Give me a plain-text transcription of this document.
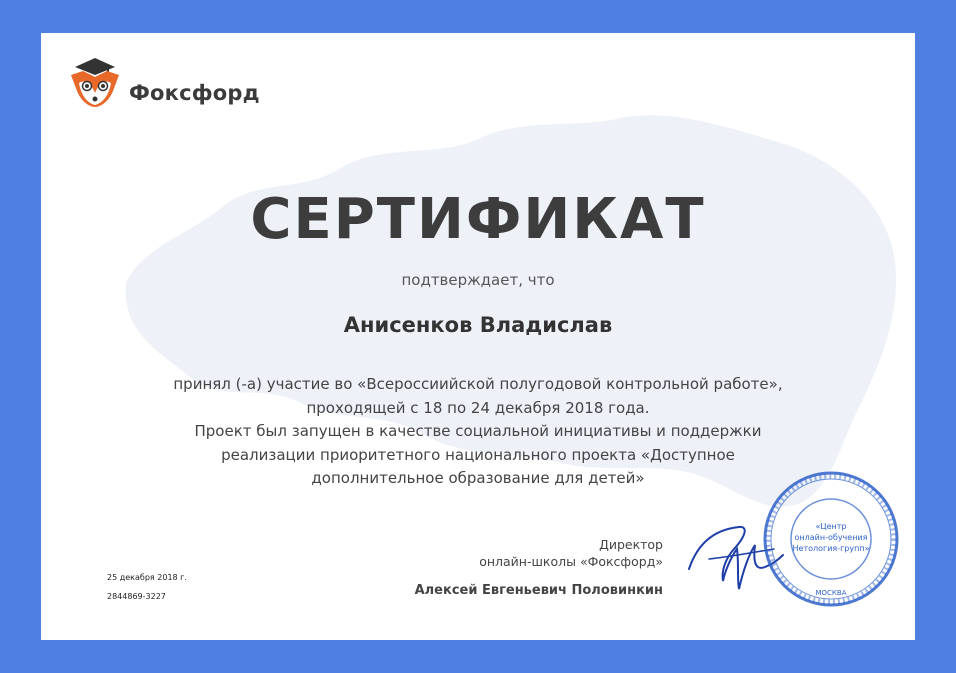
Фоксфорд
СЕРТИФИКАТ
подтверждает, что
Анисенков Владислав
принял (-а) участие во «Всероссиийской полугодовой контрольной работе»,
проходящей с 18 по 24 декабря 2018 года.
Проект был запущен в качестве социальной инициативы и поддержки
реализации приоритетного национального проекта «Доступное
дополнительное образование для детей»
25 декабря 2018 г.
2844869-3227
Директор
онлайн-школы «Фоксфорд»
Алексей Евгеньевич Половинкин
«Центр
онлайн-обучения
Нетология-групп»
МОСКВА
